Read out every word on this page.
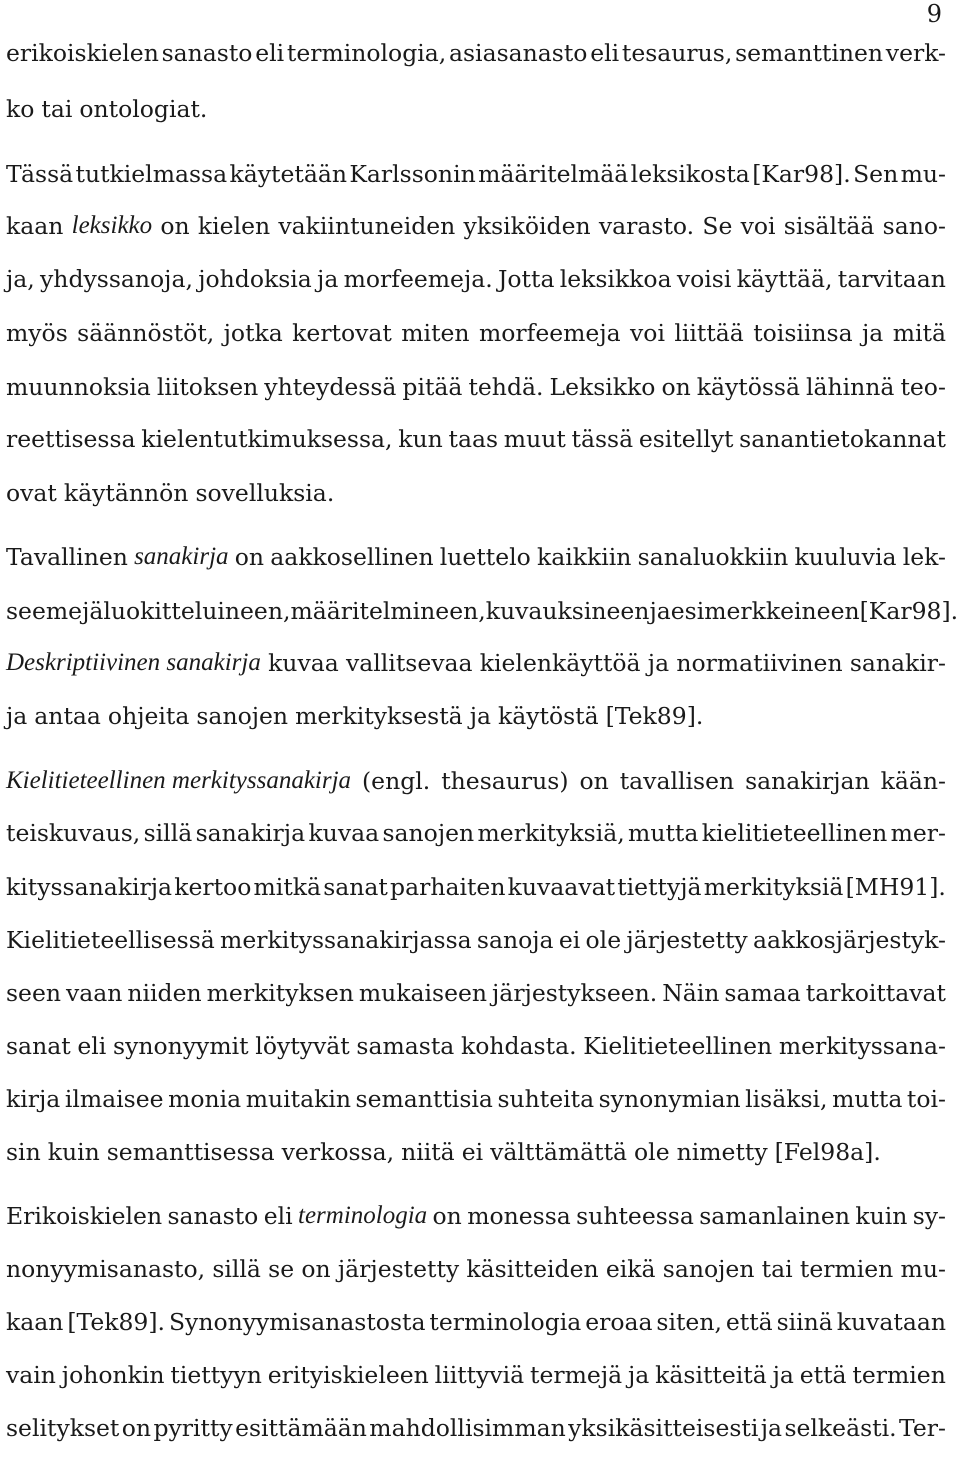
9
erikoiskielen sanasto eli terminologia, asiasanasto eli tesaurus, semanttinen verk-
ko tai ontologiat.
Tässä tutkielmassa käytetään Karlssonin määritelmää leksikosta [Kar98]. Sen mu-
kaan leksikko on kielen vakiintuneiden yksiköiden varasto. Se voi sisältää sano-
ja, yhdyssanoja, johdoksia ja morfeemeja. Jotta leksikkoa voisi käyttää, tarvitaan
myös säännöstöt, jotka kertovat miten morfeemeja voi liittää toisiinsa ja mitä
muunnoksia liitoksen yhteydessä pitää tehdä. Leksikko on käytössä lähinnä teo-
reettisessa kielentutkimuksessa, kun taas muut tässä esitellyt sanantietokannat
ovat käytännön sovelluksia.
Tavallinen sanakirja on aakkosellinen luettelo kaikkiin sanaluokkiin kuuluvia lek-
seemejä luokitteluineen, määritelmineen, kuvauksineen ja esimerkkeineen [Kar98].
Deskriptiivinen sanakirja kuvaa vallitsevaa kielenkäyttöä ja normatiivinen sanakir-
ja antaa ohjeita sanojen merkityksestä ja käytöstä [Tek89].
Kielitieteellinen merkityssanakirja (engl. thesaurus) on tavallisen sanakirjan kään-
teiskuvaus, sillä sanakirja kuvaa sanojen merkityksiä, mutta kielitieteellinen mer-
kityssanakirja kertoo mitkä sanat parhaiten kuvaavat tiettyjä merkityksiä [MH91].
Kielitieteellisessä merkityssanakirjassa sanoja ei ole järjestetty aakkosjärjestyk-
seen vaan niiden merkityksen mukaiseen järjestykseen. Näin samaa tarkoittavat
sanat eli synonyymit löytyvät samasta kohdasta. Kielitieteellinen merkityssana-
kirja ilmaisee monia muitakin semanttisia suhteita synonymian lisäksi, mutta toi-
sin kuin semanttisessa verkossa, niitä ei välttämättä ole nimetty [Fel98a].
Erikoiskielen sanasto eli terminologia on monessa suhteessa samanlainen kuin sy-
nonyymisanasto, sillä se on järjestetty käsitteiden eikä sanojen tai termien mu-
kaan [Tek89]. Synonyymisanastosta terminologia eroaa siten, että siinä kuvataan
vain johonkin tiettyyn erityiskieleen liittyviä termejä ja käsitteitä ja että termien
selitykset on pyritty esittämään mahdollisimman yksikäsitteisesti ja selkeästi. Ter-
